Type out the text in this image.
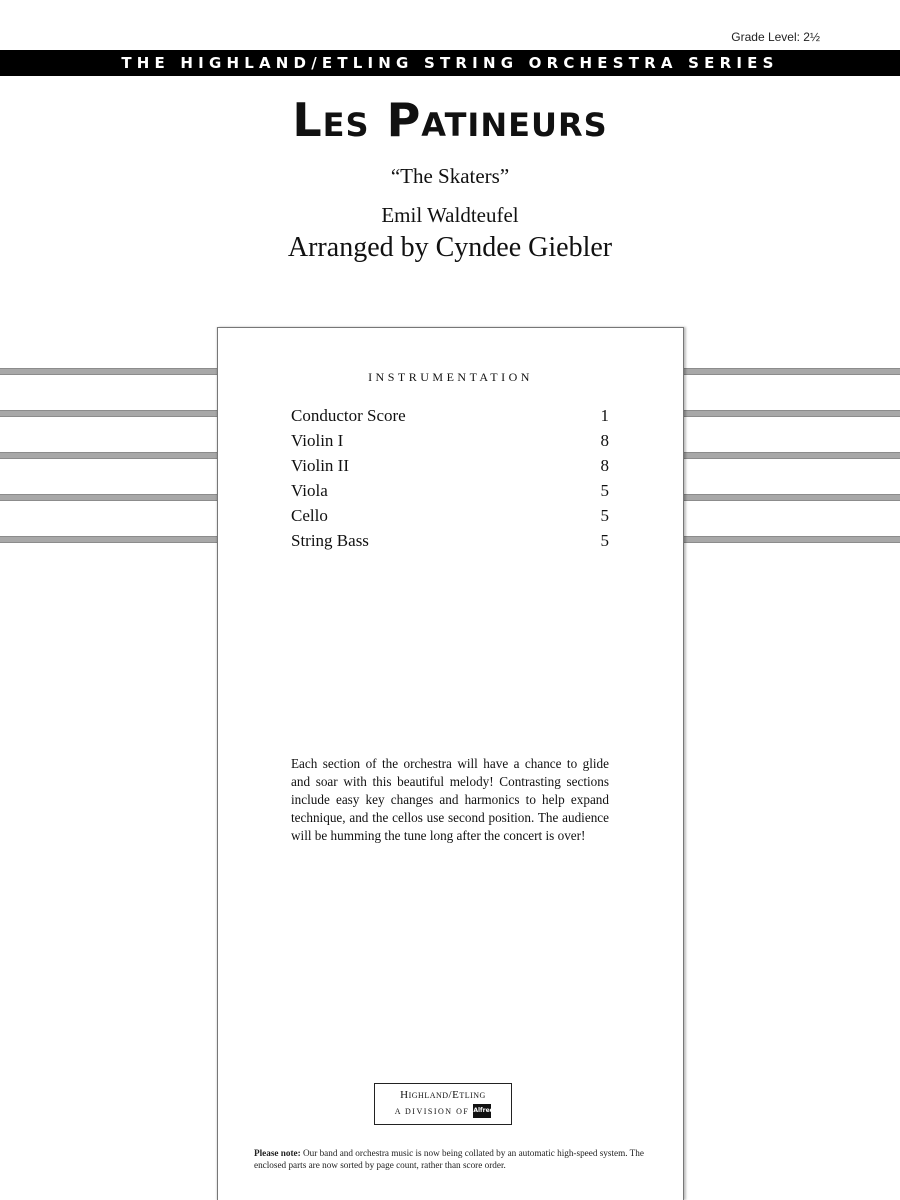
Grade Level: 2½
THE HIGHLAND/ETLING STRING ORCHESTRA SERIES
Les Patineurs
“The Skaters”
Emil Waldteufel
Arranged by Cyndee Giebler
INSTRUMENTATION
Conductor Score	1
Violin I	8
Violin II	8
Viola	5
Cello	5
String Bass	5
Each section of the orchestra will have a chance to glide and soar with this beautiful melody! Contrasting sections include easy key changes and harmonics to help expand technique, and the cellos use second position. The audience will be humming the tune long after the concert is over!
Highland/Etling
A DIVISION OF Alfred
Please note: Our band and orchestra music is now being collated by an automatic high-speed system. The enclosed parts are now sorted by page count, rather than score order.
